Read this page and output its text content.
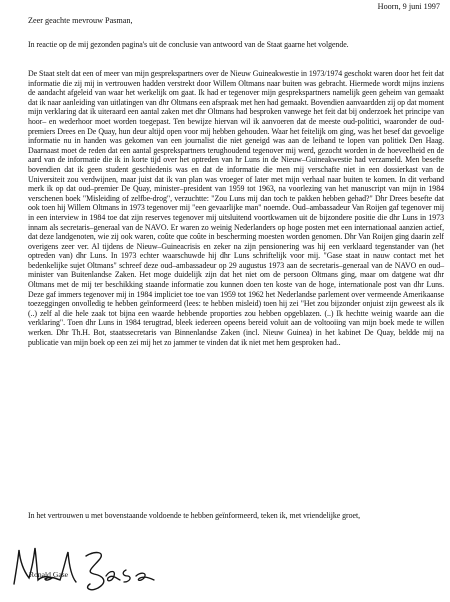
Hoorn, 9 juni 1997
Zeer geachte mevrouw Pasman,

In reactie op de mij gezonden pagina's uit de conclusie van antwoord van de Staat gaarne het volgende.

De Staat stelt dat een of meer van mijn gesprekspartners over de Nieuw Guineakwestie in 1973/1974 geschokt waren door het feit dat informatie die zij mij in vertrouwen hadden verstrekt door Willem Oltmans naar buiten was gebracht. Hiermede wordt mijns inziens de aandacht afgeleid van waar het werkelijk om gaat. Ik had er tegenover mijn gesprekspartners namelijk geen geheim van gemaakt dat ik naar aanleiding van uitlatingen van dhr Oltmans een afspraak met hen had gemaakt. Bovendien aanvaardden zij op dat moment mijn verklaring dat ik uiteraard een aantal zaken met dhr Oltmans had besproken vanwege het feit dat bij onderzoek het principe van hoor– en wederhoor moet worden toegepast. Ten bewijze hiervan wil ik aanvoeren dat de meeste oud-politici, waaronder de oud-premiers Drees en De Quay, hun deur altijd open voor mij hebben gehouden. Waar het feitelijk om ging, was het besef dat gevoelige informatie nu in handen was gekomen van een journalist die niet geneigd was aan de leiband te lopen van politiek Den Haag. Daarnaast moet de reden dat een aantal gesprekspartners terughoudend tegenover mij werd, gezocht worden in de hoeveelheid en de aard van de informatie die ik in korte tijd over het optreden van hr Luns in de Nieuw–Guineakwestie had verzameld. Men besefte bovendien dat ik geen student geschiedenis was en dat de informatie die men mij verschafte niet in een dossierkast van de Universiteit zou verdwijnen, maar juist dat ik van plan was vroeger of later met mijn verhaal naar buiten te komen. In dit verband merk ik op dat oud–premier De Quay, minister–president van 1959 tot 1963, na voorlezing van het manuscript van mijn in 1984 verschenen boek "Misleiding of zelfbe-drog", verzuchtte: "Zou Luns mij dan toch te pakken hebben gehad?" Dhr Drees besefte dat ook toen hij Willem Oltmans in 1973 tegenover mij "een gevaarlijke man" noemde. Oud–ambassadeur Van Roijen gaf tegenover mij in een interview in 1984 toe dat zijn reserves tegenover mij uitsluitend voortkwamen uit de bijzondere positie die dhr Luns in 1973 innam als secretaris–generaal van de NAVO. Er waren zo weinig Nederlanders op hoge posten met een internationaal aanzien actief, dat deze landgenoten, wie zij ook waren, coûte que coûte in bescherming moesten worden genomen. Dhr Van Roijen ging daarin zelf overigens zeer ver. Al tijdens de Nieuw–Guineacrisis en zeker na zijn pensionering was hij een verklaard tegenstander van (het optreden van) dhr Luns. In 1973 echter waarschuwde hij dhr Luns schriftelijk voor mij. "Gase staat in nauw contact met het bedenkelijke sujet Oltmans" schreef deze oud–ambassadeur op 29 augustus 1973 aan de secretaris–generaal van de NAVO en oud–minister van Buitenlandse Zaken. Het moge duidelijk zijn dat het niet om de persoon Oltmans ging, maar om datgene wat dhr Oltmans met de mij ter beschikking staande informatie zou kunnen doen ten koste van de hoge, internationale post van dhr Luns. Deze gaf immers tegenover mij in 1984 impliciet toe toe van 1959 tot 1962 het Nederlandse parlement over vermeende Amerikaanse toezeggingen onvolledig te hebben geïnformeerd (lees: te hebben misleid) toen hij zei "Het zou bijzonder onjuist zijn geweest als ik (..) zelf al die hele zaak tot bijna een waarde hebbende proporties zou hebben opgeblazen. (..) Ik hechtte weinig waarde aan die verklaring". Toen dhr Luns in 1984 terugtrad, bleek iedereen opeens bereid voluit aan de voltooiing van mijn boek mede te willen werken. Dhr Th.H. Bot, staatssecretaris van Binnenlandse Zaken (incl. Nieuw Guinea) in het kabinet De Quay, beldde mij na publicatie van mijn boek op een zei mij het zo jammer te vinden dat ik niet met hem gesproken had..

In het vertrouwen u met bovenstaande voldoende te hebben geïnformeerd, teken ik, met vriendelijke groet,

Ronald Gase
